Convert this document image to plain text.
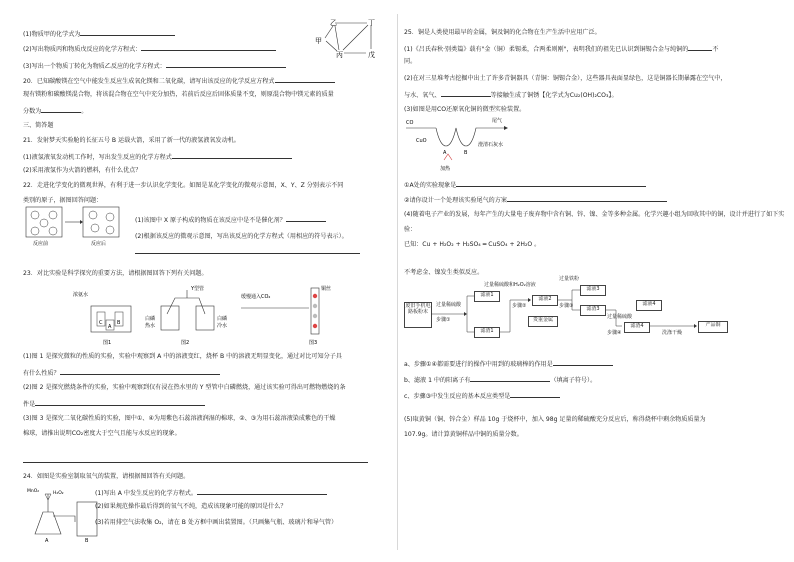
(1)物质甲的化学式为
(2)写出物质丙和物质戊反应的化学方程式：
(3)写出一个物质丁转化为物质乙反应的化学方程式：
乙	丁
甲
丙	戊
20．已知碳酸镁在空气中能发生反应生成氧化镁和二氧化碳，请写出该反应的化学反应方程式
现有镁粉和碳酸镁混合物，将该混合物在空气中充分加热，若前后反应后固体质量不变，则原混合物中镁元素的质量
分数为	。
三、简答题
21．发射梦天实验舱的长征五号 B 运载火箭，采用了新一代的液氢液氧发动机。
(1)液氢液氧发动机工作时，写出发生反应的化学方程式
(2)采用液氢作为火箭的燃料，有什么优点？
22．走进化学变化的微观世界，有利于进一步认识化学变化。如图是某化学变化的微观示意图，X、Y、Z 分别表示不同
类别的原子，据图回答问题：
反应前	反应后
(1)该图中 X 原子构成的物质在该反应中是不是催化剂？
(2)根据该反应的微观示意图，写出该反应的化学方程式（用相应的符号表示）。
23．对比实验是科学探究的重要方法，请根据图回答下列有关问题。
C
A
B
浓氨水
图1
Y型管
白磷
热水
白磷
冷水
图2
缓慢通入CO₂
铜丝
图3
(1)图 1 是探究微粒的性质的实验，实验中观察到 A 中的溶液变红，烧杯 B 中的溶液无明显变化，通过对比可知分子具
有什么性质？
(2)图 2 是探究燃烧条件的实验，实验中观察到仅有浸在热水里的 Y 型管中白磷燃烧，通过该实验可得出可燃物燃烧的条
件是
(3)图 3 是探究二氧化碳性质的实验，图中①、④为用紫色石蕊溶液润湿的棉球，②、③为用石蕊溶液染成紫色的干燥
棉球，请推出说明CO₂密度大于空气且能与水反应的现象。
24．如图是实验室制取氧气的装置，请根据图回答有关问题。
MnO₂	H₂O₂
A	B
(1)写出 A 中发生反应的化学方程式。
(2)如果规范操作最后得到的氧气不纯，造成该现象可能的原因是什么？
(3)若用排空气法收集 O₂，请在 B 处方框中画出装置图。（只画集气瓶、玻璃片和导气管）
25．铜是人类使用最早的金属，铜及铜的化合物在生产生活中应用广泛。
(1)《吕氏春秋·别类篇》载有"金（铜）柔锡柔，合两柔则刚"，表明我们的祖先已认识到铜锡合金与纯铜的	不
同。
(2)在对三星堆考古挖掘中出土了许多青铜器具（青铜：铜锡合金），这些器具表面显绿色，这是铜器长期暴露在空气中，
与水、氧气、	等接触生成了铜锈【化学式为Cu₂(OH)₂CO₃】。
(3)如图是用CO还原氧化铜的微型实验装置。
CO	尾气
CuO
A	B
澄清石灰水
加热
①A处的实验现象是
②请你设计一个处理该实验尾气的方案
(4)随着电子产业的发展，每年产生的大量电子废弃物中含有铜、锌、镍、金等多种金属。化学兴趣小组为回收其中的铜，设计并进行了如下实
验：
已知：Cu + H₂O₂ + H₂SO₄ ═ CuSO₄ + 2H₂O 。
不考虑金、镍发生类似反应。
废旧手机电路板粉末
过量稀硫酸
步骤①
滤液1
滤渣1
过量稀硫酸和H₂O₂溶液
步骤②
滤液2
贵重金属
过量铁粉
步骤③
滤液3
滤渣3
过量稀硫酸
步骤④
滤液4
滤渣4
洗涤干燥
产品铜
a、步骤①④都需要进行的操作中用到的玻璃棒的作用是
b、滤液 1 中的阳离子有	（填离子符号）。
c、步骤③中发生反应的基本反应类型是
(5)取黄铜（铜、锌合金）样品 10g 于烧杯中，加入 98g 足量的稀硫酸充分反应后，称得烧杯中剩余物质质量为
107.9g。请计算黄铜样品中铜的质量分数。
